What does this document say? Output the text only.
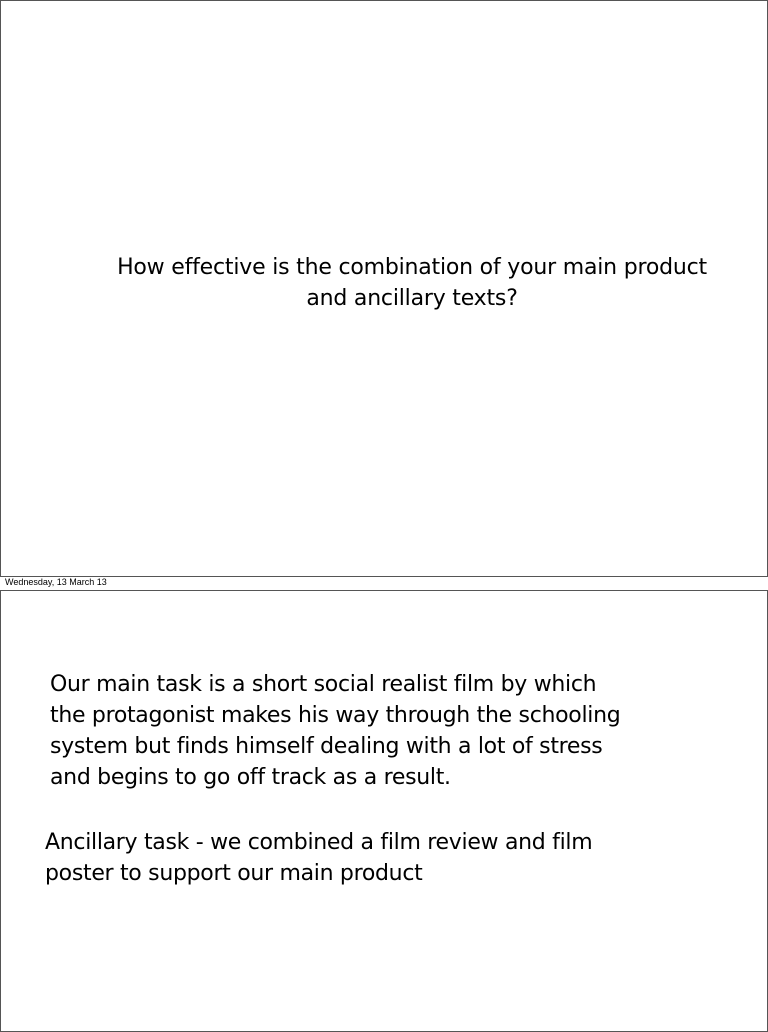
How effective is the combination of your main product
and ancillary texts?
Wednesday, 13 March 13

Our main task is a short social realist film by which
the protagonist makes his way through the schooling
system but finds himself dealing with a lot of stress
and begins to go off track as a result.

Ancillary task - we combined a film review and film
poster to support our main product
